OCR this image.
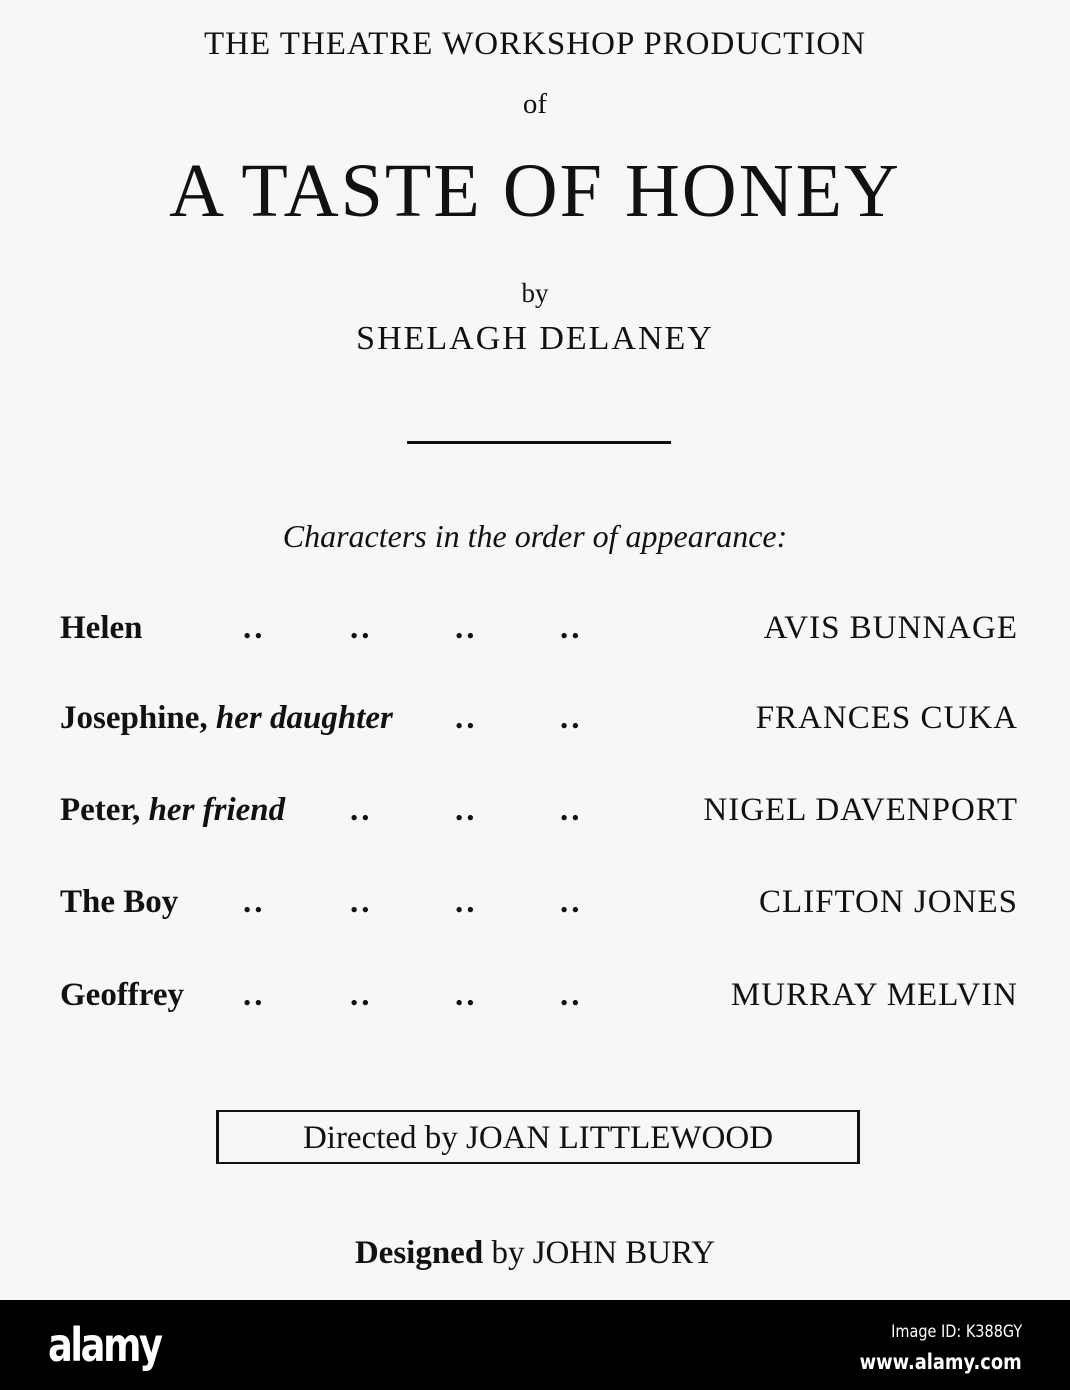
THE THEATRE WORKSHOP PRODUCTION
of
A TASTE OF HONEY
by
SHELAGH DELANEY
Characters in the order of appearance:
Helen	..	..	..	..	AVIS BUNNAGE
Josephine, her daughter ..	..	FRANCES CUKA
Peter, her friend ..	..	..	NIGEL DAVENPORT
The Boy ..	..	..	..	CLIFTON JONES
Geoffrey ..	..	..	..	MURRAY MELVIN
Directed by JOAN LITTLEWOOD
Designed by JOHN BURY
alamy	Image ID: K388GY
www.alamy.com
